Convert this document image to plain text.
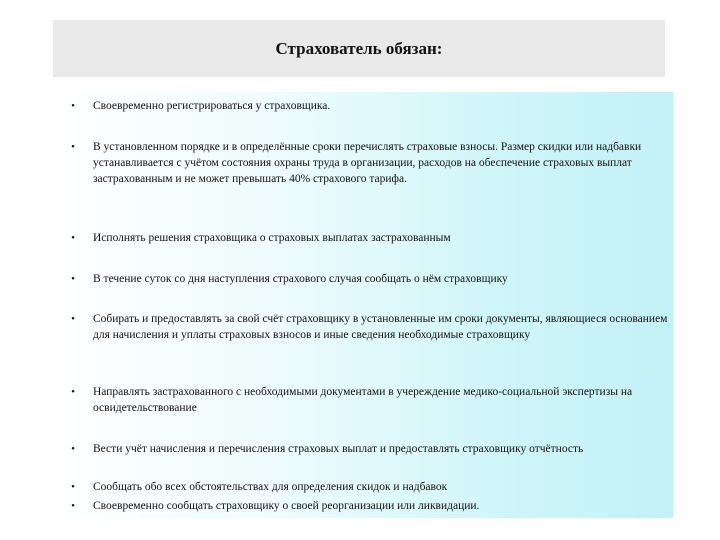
Страхователь обязан:
•	Своевременно регистрироваться у страховщика.
•	В установленном порядке и в определённые сроки перечислять страховые взносы. Размер скидки или надбавки устанавливается с учётом состояния охраны труда в организации, расходов на обеспечение страховых выплат застрахованным и не может превышать 40% страхового тарифа.
•	Исполнять решения страховщика о страховых выплатах застрахованным
•	В течение суток со дня наступления страхового случая сообщать о нём страховщику
•	Собирать и предоставлять за свой счёт страховщику в установленные им сроки документы, являющиеся основанием для начисления и уплаты страховых взносов и иные сведения необходимые страховщику
•	Направлять застрахованного с необходимыми документами в учереждение медико-социальной экспертизы на освидетельствование
•	Вести учёт начисления и перечисления страховых выплат и предоставлять страховщику отчётность
•	Сообщать обо всех обстоятельствах для определения скидок и надбавок
•	Своевременно сообщать страховщику о своей реорганизации или ликвидации.
